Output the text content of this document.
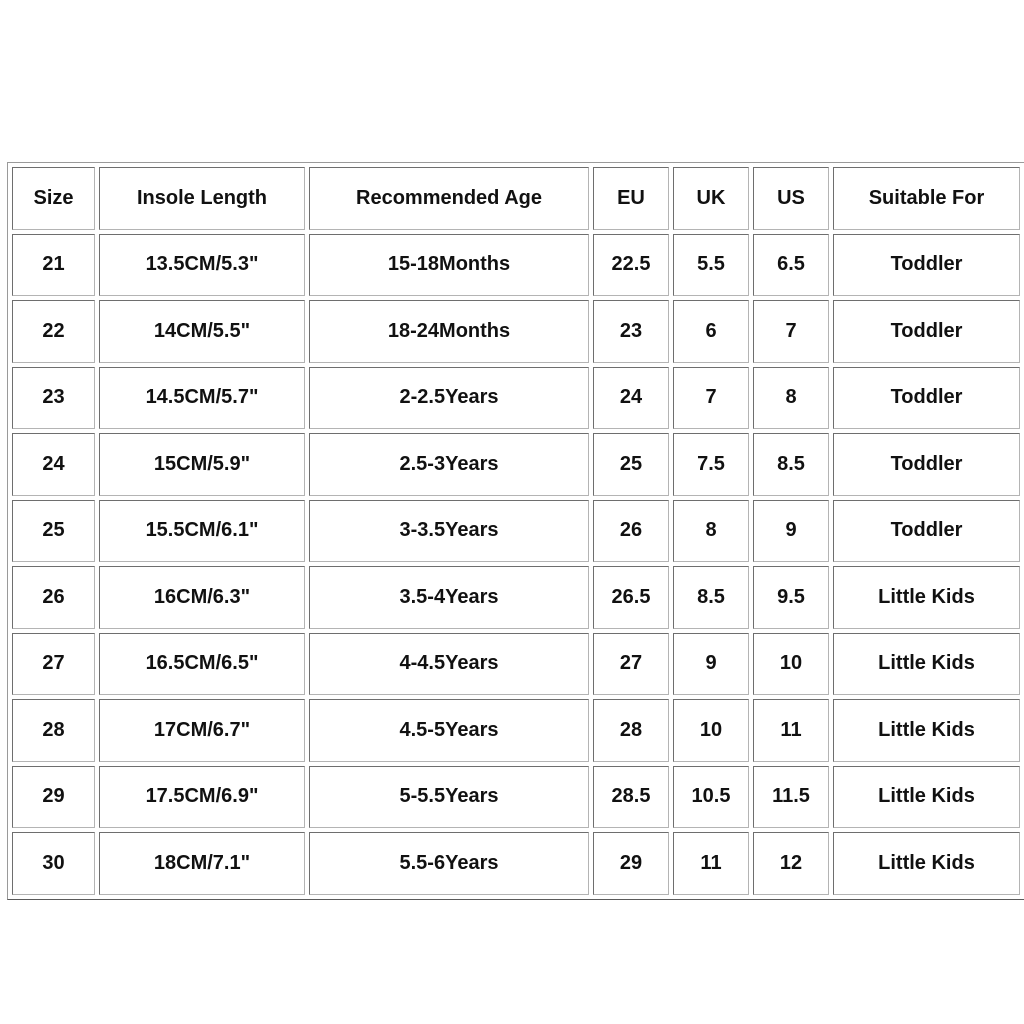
Size	Insole Length	Recommended Age	EU	UK	US	Suitable For
21	13.5CM/5.3"	15-18Months	22.5	5.5	6.5	Toddler
22	14CM/5.5"	18-24Months	23	6	7	Toddler
23	14.5CM/5.7"	2-2.5Years	24	7	8	Toddler
24	15CM/5.9"	2.5-3Years	25	7.5	8.5	Toddler
25	15.5CM/6.1"	3-3.5Years	26	8	9	Toddler
26	16CM/6.3"	3.5-4Years	26.5	8.5	9.5	Little Kids
27	16.5CM/6.5"	4-4.5Years	27	9	10	Little Kids
28	17CM/6.7"	4.5-5Years	28	10	11	Little Kids
29	17.5CM/6.9"	5-5.5Years	28.5	10.5	11.5	Little Kids
30	18CM/7.1"	5.5-6Years	29	11	12	Little Kids
